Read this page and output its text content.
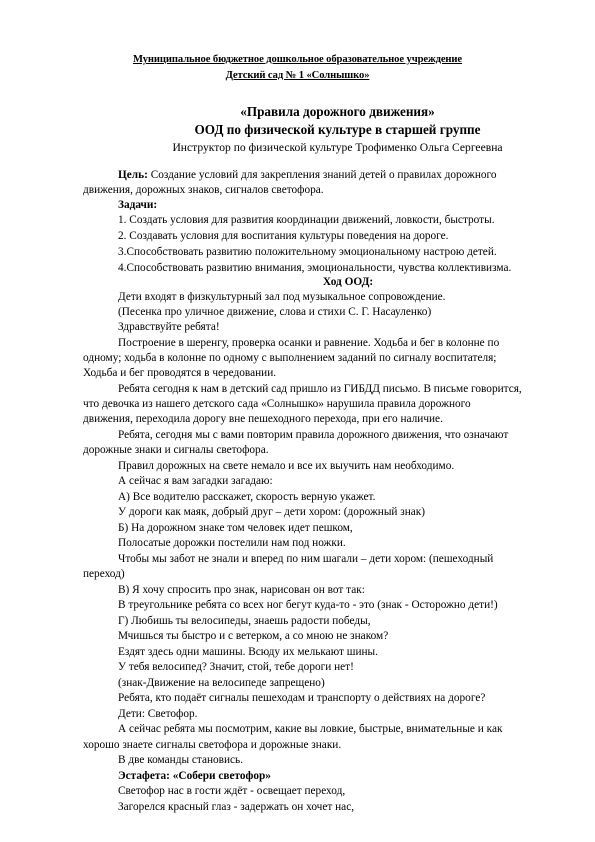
Муниципальное бюджетное дошкольное образовательное учреждение
Детский сад № 1 «Солнышко»
«Правила дорожного движения»
ООД по физической культуре в старшей группе
Инструктор по физической культуре Трофименко Ольга Сергеевна
Цель: Создание условий для закрепления знаний детей о правилах дорожного
движения, дорожных знаков, сигналов светофора.
Задачи:
1. Создать условия для развития координации движений, ловкости, быстроты.
2. Создавать условия для воспитания культуры поведения на дороге.
3.Способствовать развитию положительному эмоциональному настрою детей.
4.Способствовать развитию внимания, эмоциональности, чувства коллективизма.
Ход ООД:
Дети входят в физкультурный зал под музыкальное сопровождение.
(Песенка про уличное движение, слова и стихи С. Г. Насауленко)
Здравствуйте ребята!
Построение в шеренгу, проверка осанки и равнение. Ходьба и бег в колонне по
одному; ходьба в колонне по одному с выполнением заданий по сигналу воспитателя;
Ходьба и бег проводятся в чередовании.
Ребята сегодня к нам в детский сад пришло из ГИБДД письмо. В письме говорится,
что девочка из нашего детского сада «Солнышко» нарушила правила дорожного
движения, переходила дорогу вне пешеходного перехода, при его наличие.
Ребята, сегодня мы с вами повторим правила дорожного движения, что означают
дорожные знаки и сигналы светофора.
Правил дорожных на свете немало и все их выучить нам необходимо.
А сейчас я вам загадки загадаю:
А) Все водителю расскажет, скорость верную укажет.
У дороги как маяк, добрый друг – дети хором: (дорожный знак)
Б) На дорожном знаке том человек идет пешком,
Полосатые дорожки постелили нам под ножки.
Чтобы мы забот не знали и вперед по ним шагали – дети хором: (пешеходный
переход)
В) Я хочу спросить про знак, нарисован он вот так:
В треугольнике ребята со всех ног бегут куда-то - это (знак - Осторожно дети!)
Г) Любишь ты велосипеды, знаешь радости победы,
Мчишься ты быстро и с ветерком, а со мною не знаком?
Ездят здесь одни машины. Всюду их мелькают шины.
У тебя велосипед? Значит, стой, тебе дороги нет!
(знак-Движение на велосипеде запрещено)
Ребята, кто подаёт сигналы пешеходам и транспорту о действиях на дороге?
Дети: Светофор.
А сейчас ребята мы посмотрим, какие вы ловкие, быстрые, внимательные и как
хорошо знаете сигналы светофора и дорожные знаки.
В две команды становись.
Эстафета: «Собери светофор»
Светофор нас в гости ждёт - освещает переход,
Загорелся красный глаз - задержать он хочет нас,
